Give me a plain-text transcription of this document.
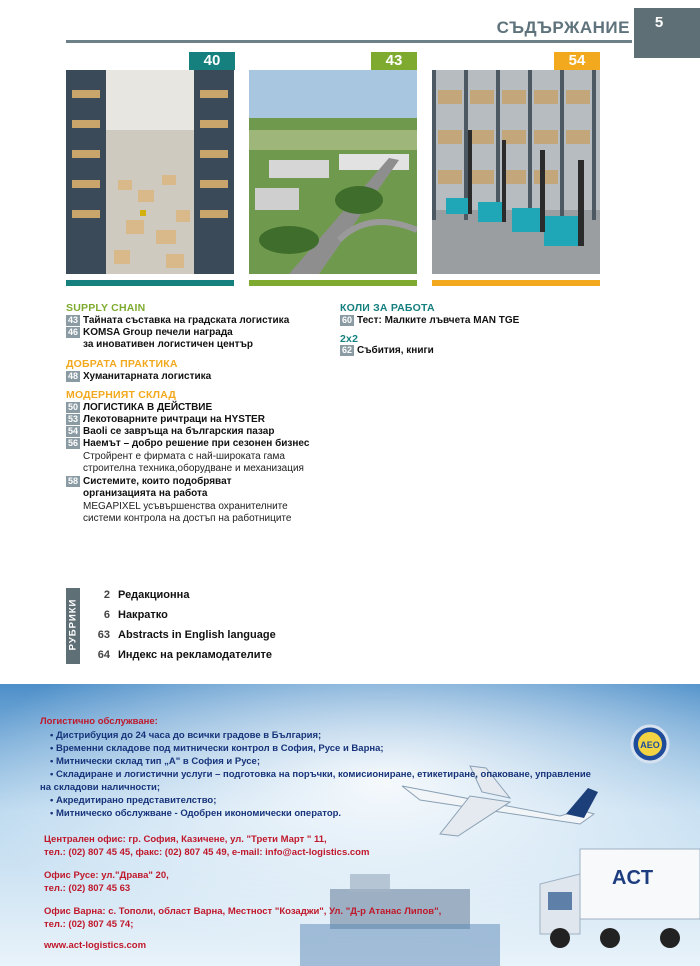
СЪДЪРЖАНИЕ	5
40	43	54
SUPPLY CHAIN
43 Тайната съставка на градската логистика
46 KOMSA Group печели награда
за иновативен логистичен център
ДОБРАТА ПРАКТИКА
48 Хуманитарната логистика
МОДЕРНИЯТ СКЛАД
50 ЛОГИСТИКА В ДЕЙСТВИЕ
53 Лекотоварните ричтраци на HYSTER
54 Baoli се завръща на българския пазар
56 Наемът – добро решение при сезонен бизнес
Стройрент е фирмата с най-широката гама
строителна техника,оборудване и механизация
58 Системите, които подобряват
организацията на работа
MEGAPIXEL усъвършенства охранителните
системи контрола на достъп на работниците
КОЛИ ЗА РАБОТА
60 Тест: Малките лъвчета MAN TGE
2x2
62 Събития, книги
РУБРИКИ
2 Редакционна
6 Накратко
63 Abstracts in English language
64 Индекс на рекламодателите
ACT
AEO
Логистично обслужване:
• Дистрибуция до 24 часа до всички градове в България;
• Временни складове под митнически контрол в София, Русе и Варна;
• Митнически склад тип „А" в София и Русе;
• Складиране и логистични услуги – подготовка на поръчки, комисиониране, етикетиране, опаковане, управление
на складови наличности;
• Акредитирано представителство;
• Митническо обслужване - Одобрен икономически оператор.
Централен офис: гр. София, Казичене, ул. "Трети Март " 11,
тел.: (02) 807 45 45, факс: (02) 807 45 49, e-mail: info@act-logistics.com
Офис Русе: ул."Драва" 20,
тел.: (02) 807 45 63
Офис Варна: с. Тополи, област Варна, Местност "Козаджи", Ул. "Д-р Атанас Липов",
тел.: (02) 807 45 74;
www.act-logistics.com
